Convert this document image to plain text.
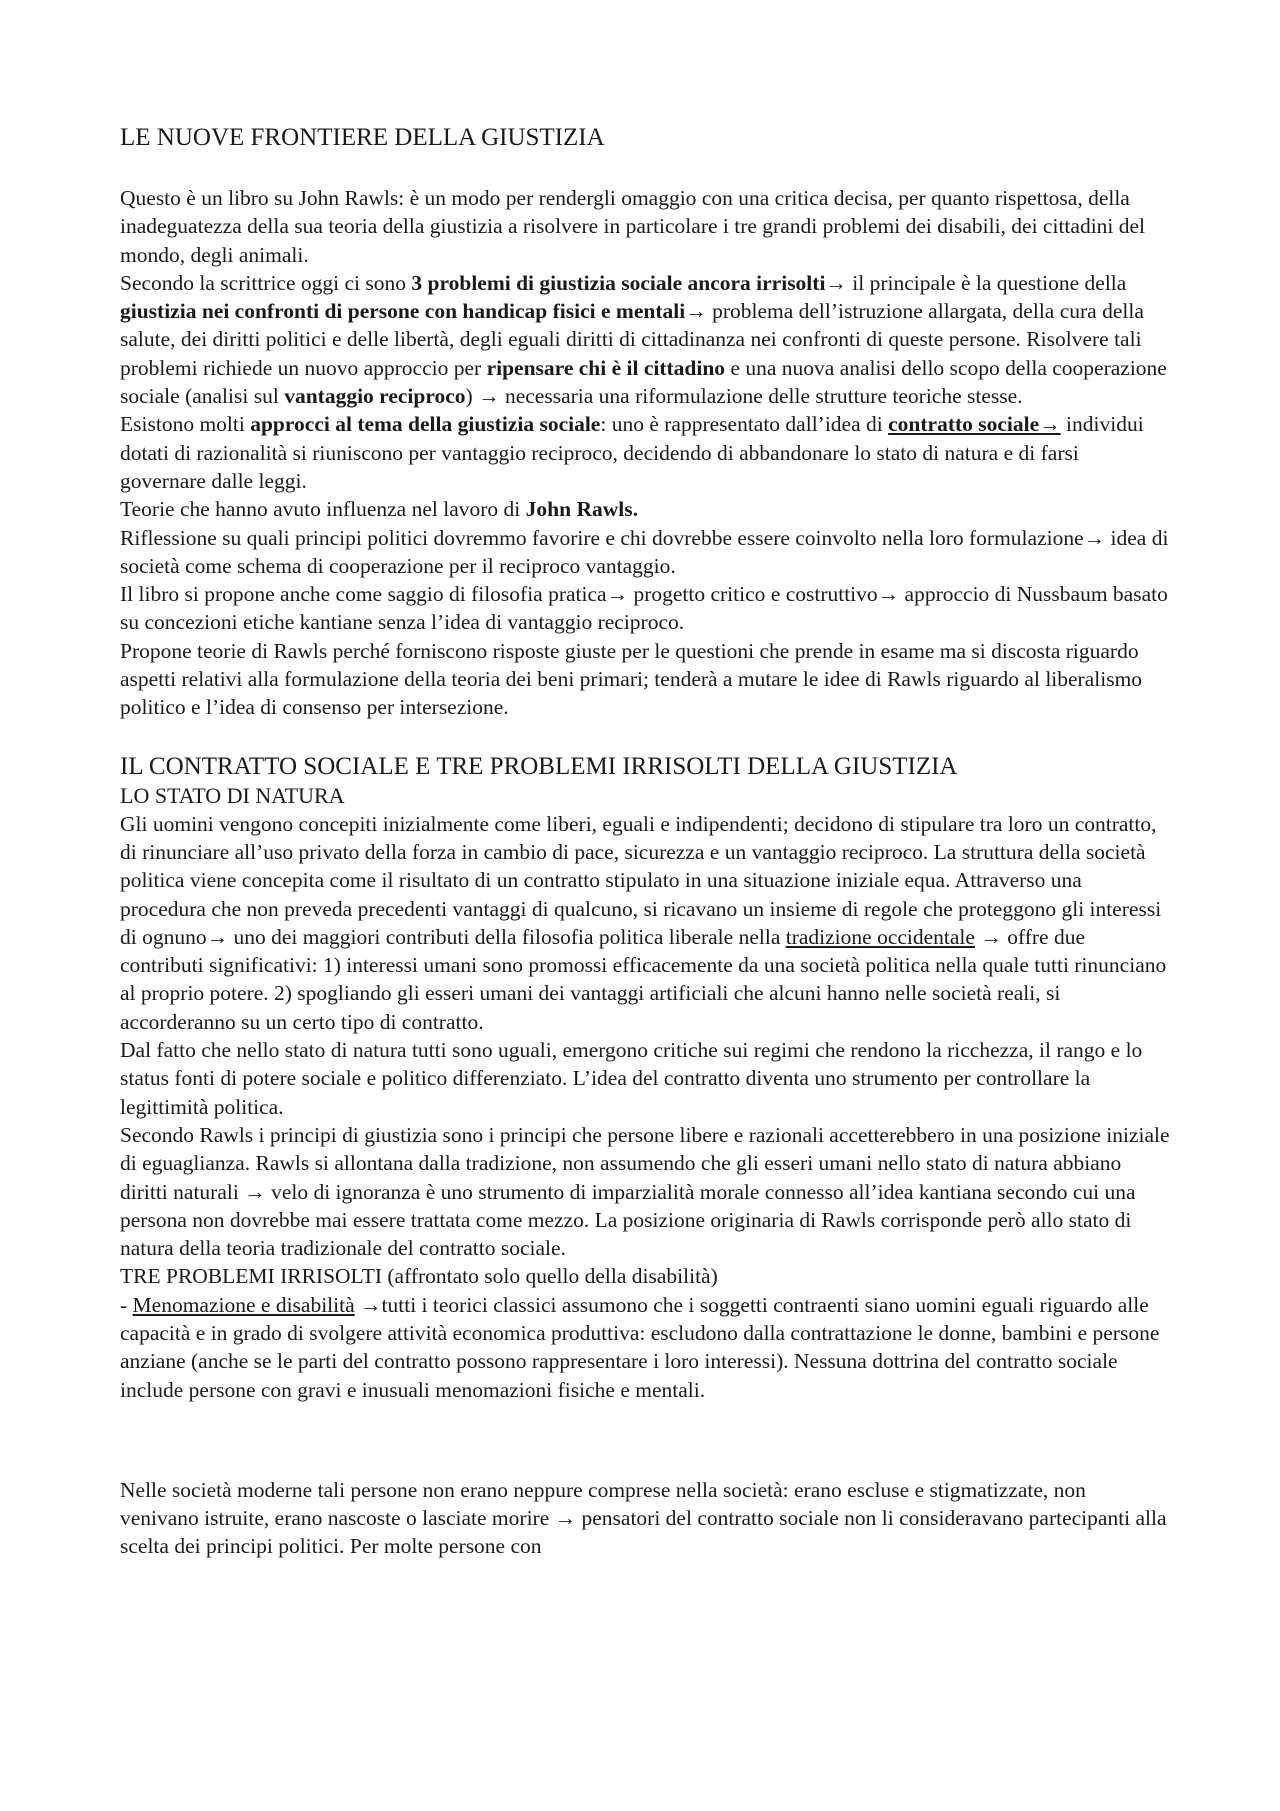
LE NUOVE FRONTIERE DELLA GIUSTIZIA

Questo è un libro su John Rawls: è un modo per rendergli omaggio con una critica decisa, per quanto rispettosa, della inadeguatezza della sua teoria della giustizia a risolvere in particolare i tre grandi problemi dei disabili, dei cittadini del mondo, degli animali.

Secondo la scrittrice oggi ci sono 3 problemi di giustizia sociale ancora irrisolti→ il principale è la questione della giustizia nei confronti di persone con handicap fisici e mentali→ problema dell’istruzione allargata, della cura della salute, dei diritti politici e delle libertà, degli eguali diritti di cittadinanza nei confronti di queste persone. Risolvere tali problemi richiede un nuovo approccio per ripensare chi è il cittadino e una nuova analisi dello scopo della cooperazione sociale (analisi sul vantaggio reciproco) → necessaria una riformulazione delle strutture teoriche stesse.

Esistono molti approcci al tema della giustizia sociale: uno è rappresentato dall’idea di contratto sociale→ individui dotati di razionalità si riuniscono per vantaggio reciproco, decidendo di abbandonare lo stato di natura e di farsi governare dalle leggi.

Teorie che hanno avuto influenza nel lavoro di John Rawls.

Riflessione su quali principi politici dovremmo favorire e chi dovrebbe essere coinvolto nella loro formulazione→ idea di società come schema di cooperazione per il reciproco vantaggio.

Il libro si propone anche come saggio di filosofia pratica→ progetto critico e costruttivo→ approccio di Nussbaum basato su concezioni etiche kantiane senza l’idea di vantaggio reciproco.

Propone teorie di Rawls perché forniscono risposte giuste per le questioni che prende in esame ma si discosta riguardo aspetti relativi alla formulazione della teoria dei beni primari; tenderà a mutare le idee di Rawls riguardo al liberalismo politico e l’idea di consenso per intersezione.

IL CONTRATTO SOCIALE E TRE PROBLEMI IRRISOLTI DELLA GIUSTIZIA
LO STATO DI NATURA

Gli uomini vengono concepiti inizialmente come liberi, eguali e indipendenti; decidono di stipulare tra loro un contratto, di rinunciare all’uso privato della forza in cambio di pace, sicurezza e un vantaggio reciproco. La struttura della società politica viene concepita come il risultato di un contratto stipulato in una situazione iniziale equa. Attraverso una procedura che non preveda precedenti vantaggi di qualcuno, si ricavano un insieme di regole che proteggono gli interessi di ognuno→ uno dei maggiori contributi della filosofia politica liberale nella tradizione occidentale → offre due contributi significativi: 1) interessi umani sono promossi efficacemente da una società politica nella quale tutti rinunciano al proprio potere. 2) spogliando gli esseri umani dei vantaggi artificiali che alcuni hanno nelle società reali, si accorderanno su un certo tipo di contratto.

Dal fatto che nello stato di natura tutti sono uguali, emergono critiche sui regimi che rendono la ricchezza, il rango e lo status fonti di potere sociale e politico differenziato. L’idea del contratto diventa uno strumento per controllare la legittimità politica.

Secondo Rawls i principi di giustizia sono i principi che persone libere e razionali accetterebbero in una posizione iniziale di eguaglianza. Rawls si allontana dalla tradizione, non assumendo che gli esseri umani nello stato di natura abbiano diritti naturali → velo di ignoranza è uno strumento di imparzialità morale connesso all’idea kantiana secondo cui una persona non dovrebbe mai essere trattata come mezzo. La posizione originaria di Rawls corrisponde però allo stato di natura della teoria tradizionale del contratto sociale.

TRE PROBLEMI IRRISOLTI (affrontato solo quello della disabilità)

- Menomazione e disabilità →tutti i teorici classici assumono che i soggetti contraenti siano uomini eguali riguardo alle capacità e in grado di svolgere attività economica produttiva: escludono dalla contrattazione le donne, bambini e persone anziane (anche se le parti del contratto possono rappresentare i loro interessi). Nessuna dottrina del contratto sociale include persone con gravi e inusuali menomazioni fisiche e mentali.

Nelle società moderne tali persone non erano neppure comprese nella società: erano escluse e stigmatizzate, non venivano istruite, erano nascoste o lasciate morire → pensatori del contratto sociale non li consideravano partecipanti alla scelta dei principi politici. Per molte persone con
